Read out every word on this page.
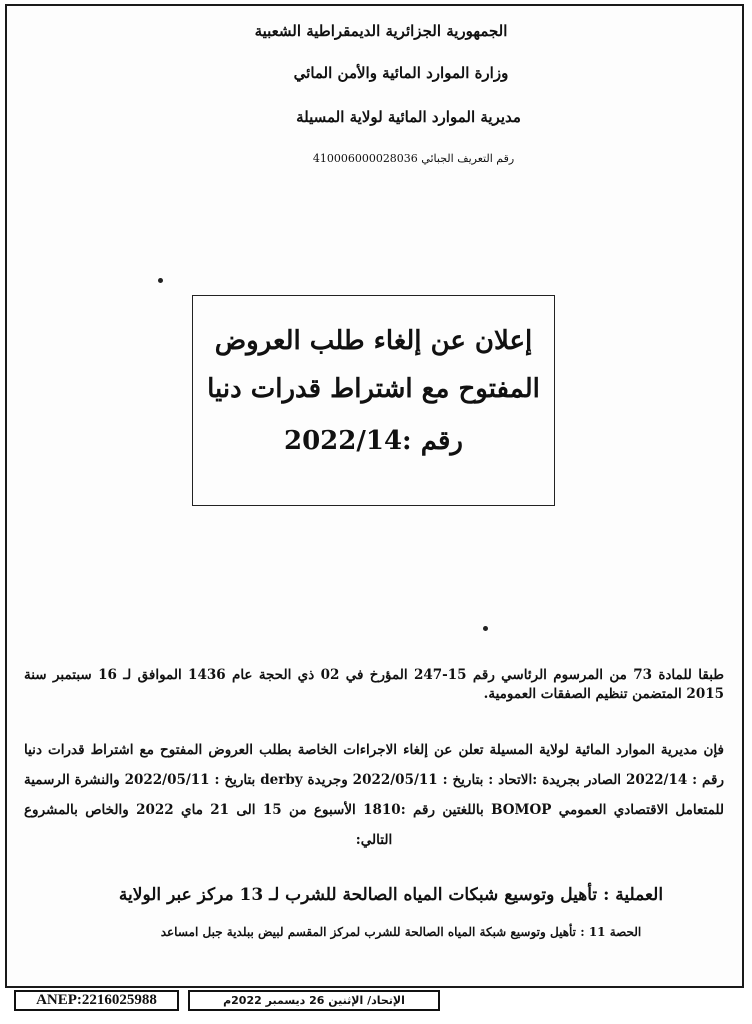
الجمهورية الجزائرية الديمقراطية الشعبية
وزارة الموارد المائية والأمن المائي
مديرية الموارد المائية لولاية المسيلة
رقم التعريف الجبائي 410006000028036
إعلان عن إلغاء طلب العروض
المفتوح مع اشتراط قدرات دنيا
رقم :2022/14
طبقا للمادة 73 من المرسوم الرئاسي رقم 15-247 المؤرخ في 02 ذي الحجة عام 1436 الموافق لـ 16 سبتمبر سنة 2015 المتضمن تنظيم الصفقات العمومية.
فإن مديرية الموارد المائية لولاية المسيلة تعلن عن إلغاء الاجراءات الخاصة بطلب العروض المفتوح مع اشتراط قدرات دنيا رقم : 2022/14 الصادر بجريدة :الاتحاد : بتاريخ : 2022/05/11 وجريدة derby بتاريخ : 2022/05/11 والنشرة الرسمية للمتعامل الاقتصادي العمومي BOMOP باللغتين رقم :1810 الأسبوع من 15 الى 21 ماي 2022 والخاص بالمشروع التالي:
العملية : تأهيل وتوسيع شبكات المياه الصالحة للشرب لـ 13 مركز عبر الولاية
الحصة 11 : تأهيل وتوسيع شبكة المياه الصالحة للشرب لمركز المقسم لبيض ببلدية جبل امساعد
ANEP:2216025988	الإتحاد/ الإثنين 26 ديسمبر 2022م
